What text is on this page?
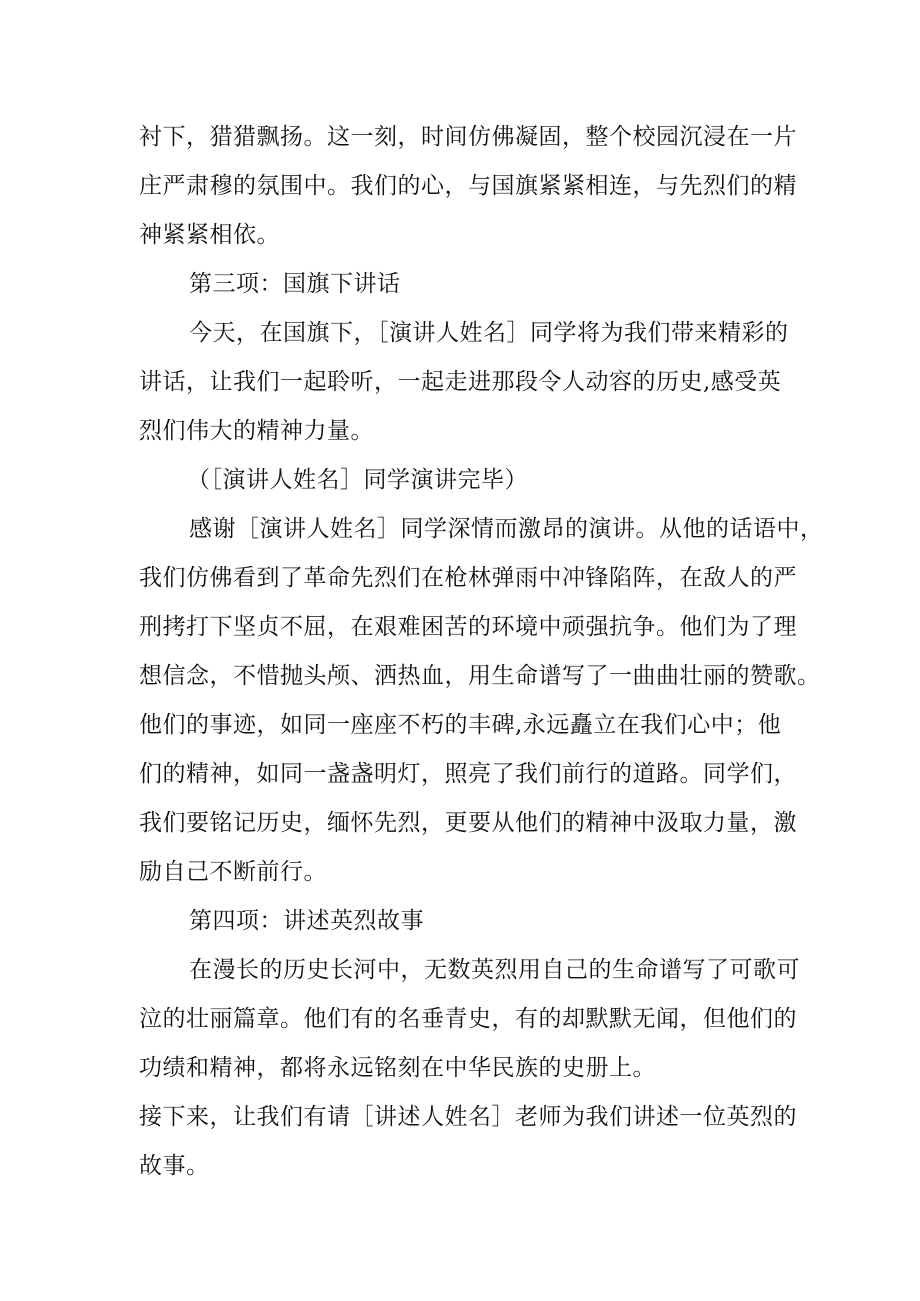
衬下，猎猎飘扬。这一刻，时间仿佛凝固，整个校园沉浸在一片
庄严肃穆的氛围中。我们的心，与国旗紧紧相连，与先烈们的精
神紧紧相依。
第三项：国旗下讲话
今天，在国旗下，［演讲人姓名］同学将为我们带来精彩的
讲话，让我们一起聆听，一起走进那段令人动容的历史,感受英
烈们伟大的精神力量。
（［演讲人姓名］同学演讲完毕）
感谢［演讲人姓名］同学深情而激昂的演讲。从他的话语中，
我们仿佛看到了革命先烈们在枪林弹雨中冲锋陷阵，在敌人的严
刑拷打下坚贞不屈，在艰难困苦的环境中顽强抗争。他们为了理
想信念，不惜抛头颅、洒热血，用生命谱写了一曲曲壮丽的赞歌。
他们的事迹，如同一座座不朽的丰碑,永远矗立在我们心中；他
们的精神，如同一盏盏明灯，照亮了我们前行的道路。同学们，
我们要铭记历史，缅怀先烈，更要从他们的精神中汲取力量，激
励自己不断前行。
第四项：讲述英烈故事
在漫长的历史长河中，无数英烈用自己的生命谱写了可歌可
泣的壮丽篇章。他们有的名垂青史，有的却默默无闻，但他们的
功绩和精神，都将永远铭刻在中华民族的史册上。
接下来，让我们有请［讲述人姓名］老师为我们讲述一位英烈的
故事。
